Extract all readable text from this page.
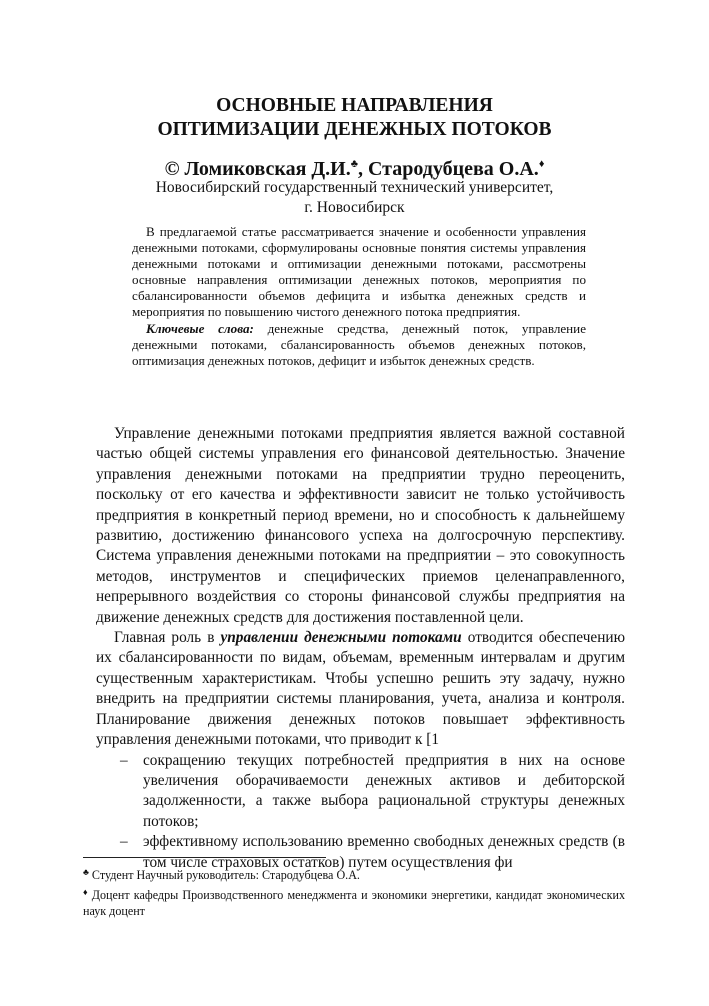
ОСНОВНЫЕ НАПРАВЛЕНИЯ
ОПТИМИЗАЦИИ ДЕНЕЖНЫХ ПОТОКОВ
© Ломиковская Д.И.♣, Стародубцева О.А.♦
Новосибирский государственный технический университет,
г. Новосибирск

В предлагаемой статье рассматривается значение и особенности управления денежными потоками, сформулированы основные понятия системы управления денежными потоками и оптимизации денежными потоками, рассмотрены основные направления оптимизации денежных потоков, мероприятия по сбалансированности объемов дефицита и избытка денежных средств и мероприятия по повышению чистого денежного потока предприятия.

Ключевые слова: денежные средства, денежный поток, управление денежными потоками, сбалансированность объемов денежных потоков, оптимизация денежных потоков, дефицит и избыток денежных средств.

Управление денежными потоками предприятия является важной составной частью общей системы управления его финансовой деятельностью. Значение управления денежными потоками на предприятии трудно переоценить, поскольку от его качества и эффективности зависит не только устойчивость предприятия в конкретный период времени, но и способность к дальнейшему развитию, достижению финансового успеха на долгосрочную перспективу. Система управления денежными потоками на предприятии – это совокупность методов, инструментов и специфических приемов целенаправленного, непрерывного воздействия со стороны финансовой службы предприятия на движение денежных средств для достижения поставленной цели.

Главная роль в управлении денежными потоками отводится обеспечению их сбалансированности по видам, объемам, временным интервалам и другим существенным характеристикам. Чтобы успешно решить эту задачу, нужно внедрить на предприятии системы планирования, учета, анализа и контроля. Планирование движения денежных потоков повышает эффективность управления денежными потоками, что приводит к [1

– сокращению текущих потребностей предприятия в них на основе увеличения оборачиваемости денежных активов и дебиторской задолженности, а также выбора рациональной структуры денежных потоков;
– эффективному использованию временно свободных денежных средств (в том числе страховых остатков) путем осуществления фи

♣ Студент Научный руководитель: Стародубцева О.А.

♦ Доцент кафедры Производственного менеджмента и экономики энергетики, кандидат экономических наук доцент
